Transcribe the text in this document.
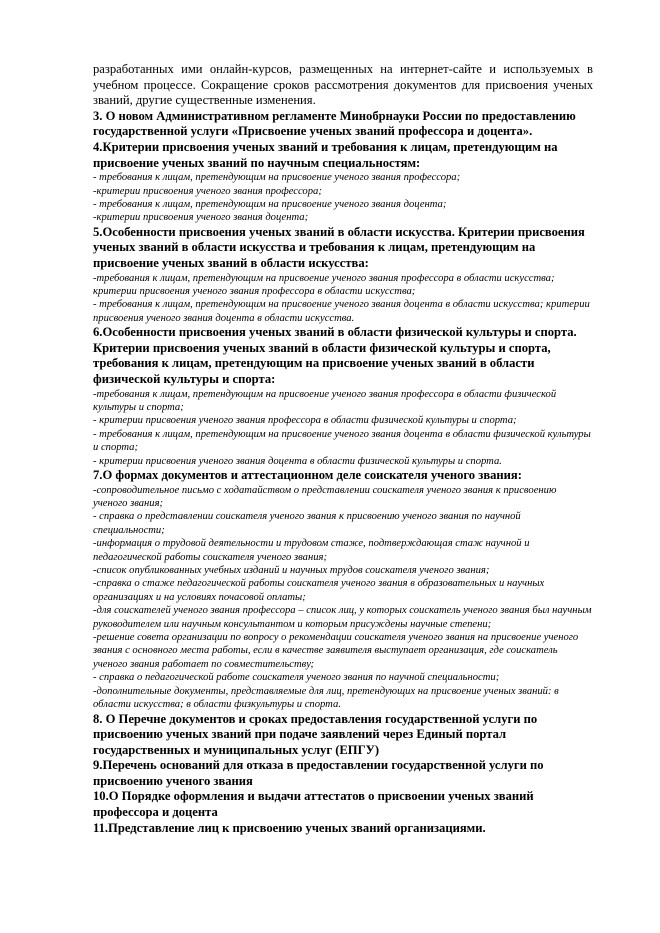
разработанных ими онлайн-курсов, размещенных на интернет-сайте и используемых в учебном процессе. Сокращение сроков рассмотрения документов для присвоения ученых званий, другие существенные изменения.

3. О новом Административном регламенте Минобрнауки России по предоставлению государственной услуги «Присвоение ученых званий профессора и доцента».

4.Критерии присвоения ученых званий и требования к лицам, претендующим на присвоение ученых званий по научным специальностям:

- требования к лицам, претендующим на присвоение ученого звания профессора;

-критерии присвоения ученого звания профессора;

- требования к лицам, претендующим на присвоение ученого звания доцента;

-критерии присвоения ученого звания доцента;

5.Особенности присвоения ученых званий в области искусства. Критерии присвоения ученых званий в области искусства и требования к лицам, претендующим на присвоение ученых званий в области искусства:

-требования к лицам, претендующим на присвоение ученого звания профессора в области искусства; критерии присвоения ученого звания профессора в области искусства;

- требования к лицам, претендующим на присвоение ученого звания доцента в области искусства; критерии присвоения ученого звания доцента в области искусства.

6.Особенности присвоения ученых званий в области физической культуры и спорта. Критерии присвоения ученых званий в области физической культуры и спорта, требования к лицам, претендующим на присвоение ученых званий в области физической культуры и спорта:

-требования к лицам, претендующим на присвоение ученого звания профессора в области физической культуры и спорта;

- критерии присвоения ученого звания профессора в области физической культуры и спорта;

- требования к лицам, претендующим на присвоение ученого звания доцента в области физической культуры и спорта;

- критерии присвоения ученого звания доцента в области физической культуры и спорта.

7.О формах документов и аттестационном деле соискателя ученого звания:

-сопроводительное письмо с ходатайством о представлении соискателя ученого звания к присвоению ученого звания;

- справка о представлении соискателя ученого звания к присвоению ученого звания по научной специальности;

-информация о трудовой деятельности и трудовом стаже, подтверждающая стаж научной и педагогической работы соискателя ученого звания;

-список опубликованных учебных изданий и научных трудов соискателя ученого звания;

-справка о стаже педагогической работы соискателя ученого звания в образовательных и научных организациях и на условиях почасовой оплаты;

-для соискателей ученого звания профессора – список лиц, у которых соискатель ученого звания был научным руководителем или научным консультантом и которым присуждены научные степени;

-решение совета организации по вопросу о рекомендации соискателя ученого звания на присвоение ученого звания с основного места работы, если в качестве заявителя выступает организация, где соискатель ученого звания работает по совместительству;

- справка о педагогической работе соискателя ученого звания по научной специальности;

-дополнительные документы, представляемые для лиц, претендующих на присвоение ученых званий: в области искусства; в области физкультуры и спорта.

8. О Перечне документов и сроках предоставления государственной услуги по присвоению ученых званий при подаче заявлений через Единый портал государственных и муниципальных услуг (ЕПГУ)

9.Перечень оснований для отказа в предоставлении государственной услуги по присвоению ученого звания

10.О Порядке оформления и выдачи аттестатов о присвоении ученых званий профессора и доцента

11.Представление лиц к присвоению ученых званий организациями.
